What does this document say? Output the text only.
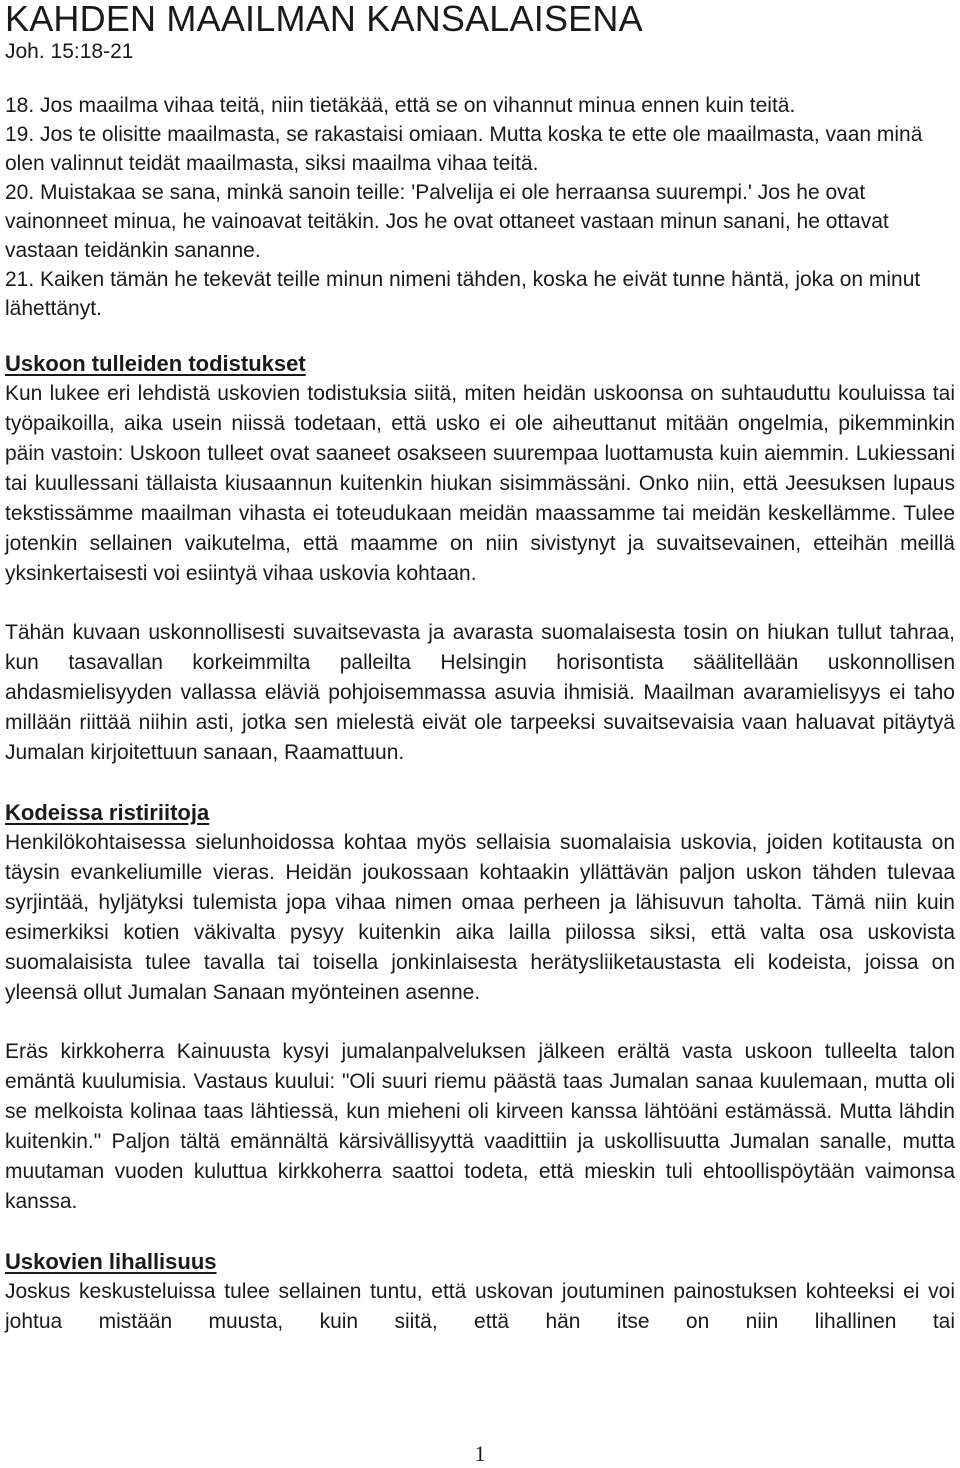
KAHDEN MAAILMAN KANSALAISENA

Joh. 15:18-21

18. Jos maailma vihaa teitä, niin tietäkää, että se on vihannut minua ennen kuin teitä.

19. Jos te olisitte maailmasta, se rakastaisi omiaan. Mutta koska te ette ole maailmasta, vaan minä olen valinnut teidät maailmasta, siksi maailma vihaa teitä.

20. Muistakaa se sana, minkä sanoin teille: 'Palvelija ei ole herraansa suurempi.' Jos he ovat vainonneet minua, he vainoavat teitäkin. Jos he ovat ottaneet vastaan minun sanani, he ottavat vastaan teidänkin sananne.

21. Kaiken tämän he tekevät teille minun nimeni tähden, koska he eivät tunne häntä, joka on minut lähettänyt.

Uskoon tulleiden todistukset

Kun lukee eri lehdistä uskovien todistuksia siitä, miten heidän uskoonsa on suhtauduttu kouluissa tai työpaikoilla, aika usein niissä todetaan, että usko ei ole aiheuttanut mitään ongelmia, pikemminkin päin vastoin: Uskoon tulleet ovat saaneet osakseen suurempaa luottamusta kuin aiemmin. Lukiessani tai kuullessani tällaista kiusaannun kuitenkin hiukan sisimmässäni. Onko niin, että Jeesuksen lupaus tekstissämme maailman vihasta ei toteudukaan meidän maassamme tai meidän keskellämme. Tulee jotenkin sellainen vaikutelma, että maamme on niin sivistynyt ja suvaitsevainen, etteihän meillä yksinkertaisesti voi esiintyä vihaa uskovia kohtaan.

Tähän kuvaan uskonnollisesti suvaitsevasta ja avarasta suomalaisesta tosin on hiukan tullut tahraa, kun tasavallan korkeimmilta palleilta Helsingin horisontista säälitellään uskonnollisen ahdasmielisyyden vallassa eläviä pohjoisemmassa asuvia ihmisiä. Maailman avaramielisyys ei taho millään riittää niihin asti, jotka sen mielestä eivät ole tarpeeksi suvaitsevaisia vaan haluavat pitäytyä Jumalan kirjoitettuun sanaan, Raamattuun.

Kodeissa ristiriitoja

Henkilökohtaisessa sielunhoidossa kohtaa myös sellaisia suomalaisia uskovia, joiden kotitausta on täysin evankeliumille vieras. Heidän joukossaan kohtaakin yllättävän paljon uskon tähden tulevaa syrjintää, hyljätyksi tulemista jopa vihaa nimen omaa perheen ja lähisuvun taholta. Tämä niin kuin esimerkiksi kotien väkivalta pysyy kuitenkin aika lailla piilossa siksi, että valta osa uskovista suomalaisista tulee tavalla tai toisella jonkinlaisesta herätysliiketaustasta eli kodeista, joissa on yleensä ollut Jumalan Sanaan myönteinen asenne.

Eräs kirkkoherra Kainuusta kysyi jumalanpalveluksen jälkeen erältä vasta uskoon tulleelta talon emäntä kuulumisia. Vastaus kuului: "Oli suuri riemu päästä taas Jumalan sanaa kuulemaan, mutta oli se melkoista kolinaa taas lähtiessä, kun mieheni oli kirveen kanssa lähtöäni estämässä. Mutta lähdin kuitenkin." Paljon tältä emännältä kärsivällisyyttä vaadittiin ja uskollisuutta Jumalan sanalle, mutta muutaman vuoden kuluttua kirkkoherra saattoi todeta, että mieskin tuli ehtoollispöytään vaimonsa kanssa.

Uskovien lihallisuus

Joskus keskusteluissa tulee sellainen tuntu, että uskovan joutuminen painostuksen kohteeksi ei voi johtua mistään muusta, kuin siitä, että hän itse on niin lihallinen tai

1
